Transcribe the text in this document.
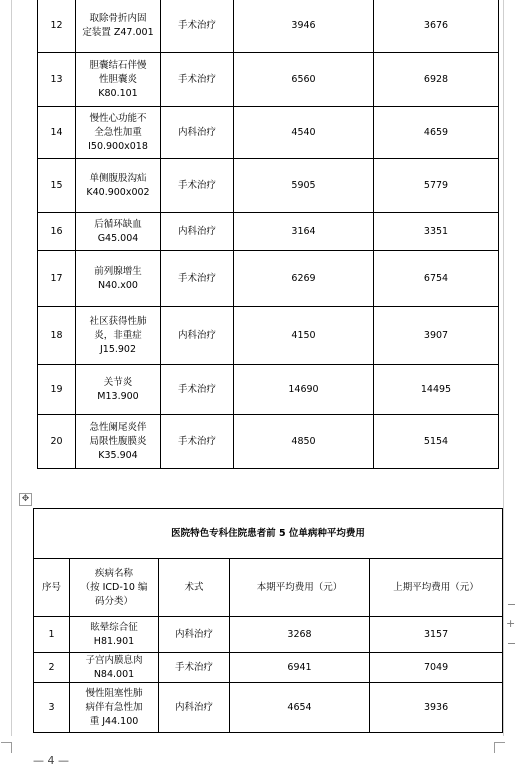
12	取除骨折内固
定装置 Z47.001	手术治疗	3946	3676
13	胆囊结石伴慢
性胆囊炎
K80.101	手术治疗	6560	6928
14	慢性心功能不
全急性加重
I50.900x018	内科治疗	4540	4659
15	单侧腹股沟疝
K40.900x002	手术治疗	5905	5779
16	后循环缺血
G45.004	内科治疗	3164	3351
17	前列腺增生
N40.x00	手术治疗	6269	6754
18	社区获得性肺
炎，非重症
J15.902	内科治疗	4150	3907
19	关节炎
M13.900	手术治疗	14690	14495
20	急性阑尾炎伴
局限性腹膜炎
K35.904	手术治疗	4850	5154
✥
医院特色专科住院患者前 5 位单病种平均费用				
序号	疾病名称
（按 ICD-10 编
码分类）	术式	本期平均费用（元）	上期平均费用（元）
1	眩晕综合征
H81.901	内科治疗	3268	3157
2	子宫内膜息肉
N84.001	手术治疗	6941	7049
3	慢性阻塞性肺
病伴有急性加
重 J44.100	内科治疗	4654	3936
+
— 4 —
